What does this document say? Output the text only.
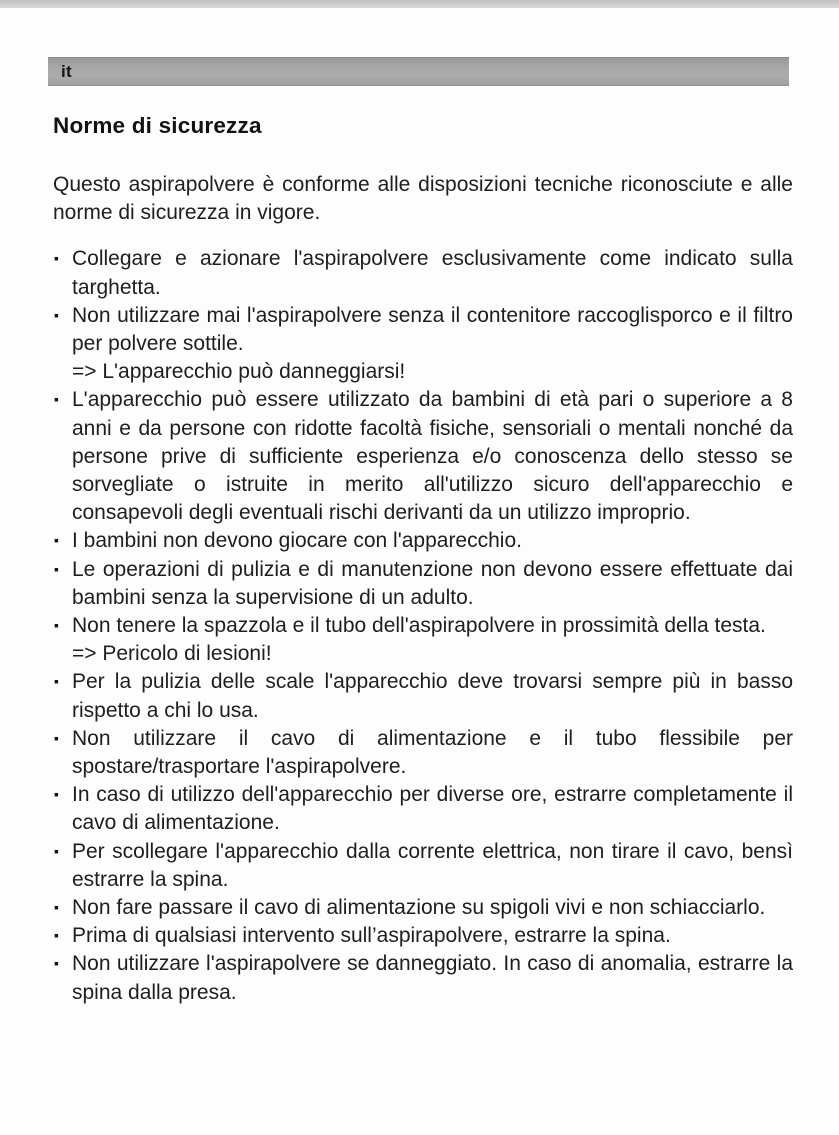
it
Norme di sicurezza

Questo aspirapolvere è conforme alle disposizioni tecniche riconosciute e alle norme di sicurezza in vigore.

▪ Collegare e azionare l'aspirapolvere esclusivamente come indicato sulla targhetta.
▪ Non utilizzare mai l'aspirapolvere senza il contenitore raccoglisporco e il filtro per polvere sottile.
=> L'apparecchio può danneggiarsi!
▪ L'apparecchio può essere utilizzato da bambini di età pari o superiore a 8 anni e da persone con ridotte facoltà fisiche, sensoriali o mentali nonché da persone prive di sufficiente esperienza e/o conoscenza dello stesso se sorvegliate o istruite in merito all'utilizzo sicuro dell'apparecchio e consapevoli degli eventuali rischi derivanti da un utilizzo improprio.
▪ I bambini non devono giocare con l'apparecchio.
▪ Le operazioni di pulizia e di manutenzione non devono essere effettuate dai bambini senza la supervisione di un adulto.
▪ Non tenere la spazzola e il tubo dell'aspirapolvere in prossimità della testa.
=> Pericolo di lesioni!
▪ Per la pulizia delle scale l'apparecchio deve trovarsi sempre più in basso rispetto a chi lo usa.
▪ Non utilizzare il cavo di alimentazione e il tubo flessibile per spostare/trasportare l'aspirapolvere.
▪ In caso di utilizzo dell'apparecchio per diverse ore, estrarre completamente il cavo di alimentazione.
▪ Per scollegare l'apparecchio dalla corrente elettrica, non tirare il cavo, bensì estrarre la spina.
▪ Non fare passare il cavo di alimentazione su spigoli vivi e non schiacciarlo.
▪ Prima di qualsiasi intervento sull’aspirapolvere, estrarre la spina.
▪ Non utilizzare l'aspirapolvere se danneggiato. In caso di anomalia, estrarre la spina dalla presa.
